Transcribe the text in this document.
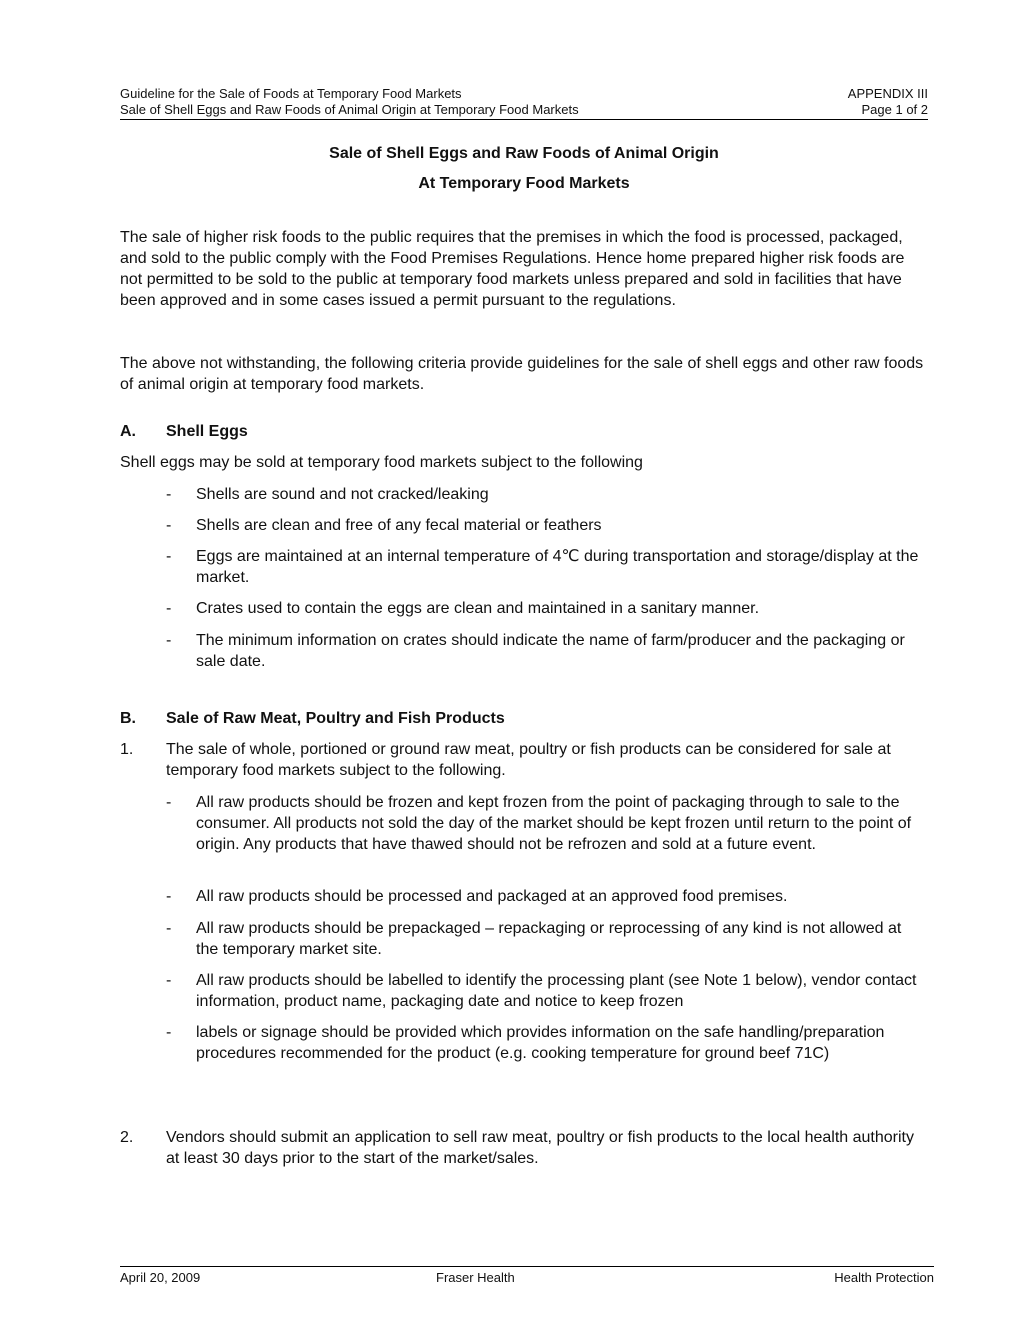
Guideline for the Sale of Foods at Temporary Food Markets	APPENDIX III
Sale of Shell Eggs and Raw Foods of Animal Origin at Temporary Food Markets	Page 1 of 2
Sale of Shell Eggs and Raw Foods of Animal Origin
At Temporary Food Markets

The sale of higher risk foods to the public requires that the premises in which the food is processed, packaged, and sold to the public comply with the Food Premises Regulations. Hence home prepared higher risk foods are not permitted to be sold to the public at temporary food markets unless prepared and sold in facilities that have been approved and in some cases issued a permit pursuant to the regulations.

The above not withstanding, the following criteria provide guidelines for the sale of shell eggs and other raw foods of animal origin at temporary food markets.

A. Shell Eggs
Shell eggs may be sold at temporary food markets subject to the following
- Shells are sound and not cracked/leaking
- Shells are clean and free of any fecal material or feathers
- Eggs are maintained at an internal temperature of 4℃ during transportation and storage/display at the market.
- Crates used to contain the eggs are clean and maintained in a sanitary manner.
- The minimum information on crates should indicate the name of farm/producer and the packaging or sale date.
B. Sale of Raw Meat, Poultry and Fish Products
1. The sale of whole, portioned or ground raw meat, poultry or fish products can be considered for sale at temporary food markets subject to the following.
- All raw products should be frozen and kept frozen from the point of packaging through to sale to the consumer. All products not sold the day of the market should be kept frozen until return to the point of origin. Any products that have thawed should not be refrozen and sold at a future event.
- All raw products should be processed and packaged at an approved food premises.
- All raw products should be prepackaged – repackaging or reprocessing of any kind is not allowed at the temporary market site.
- All raw products should be labelled to identify the processing plant (see Note 1 below), vendor contact information, product name, packaging date and notice to keep frozen
- labels or signage should be provided which provides information on the safe handling/preparation procedures recommended for the product (e.g. cooking temperature for ground beef 71C)
2. Vendors should submit an application to sell raw meat, poultry or fish products to the local health authority at least 30 days prior to the start of the market/sales.
April 20, 2009	Fraser Health	Health Protection
